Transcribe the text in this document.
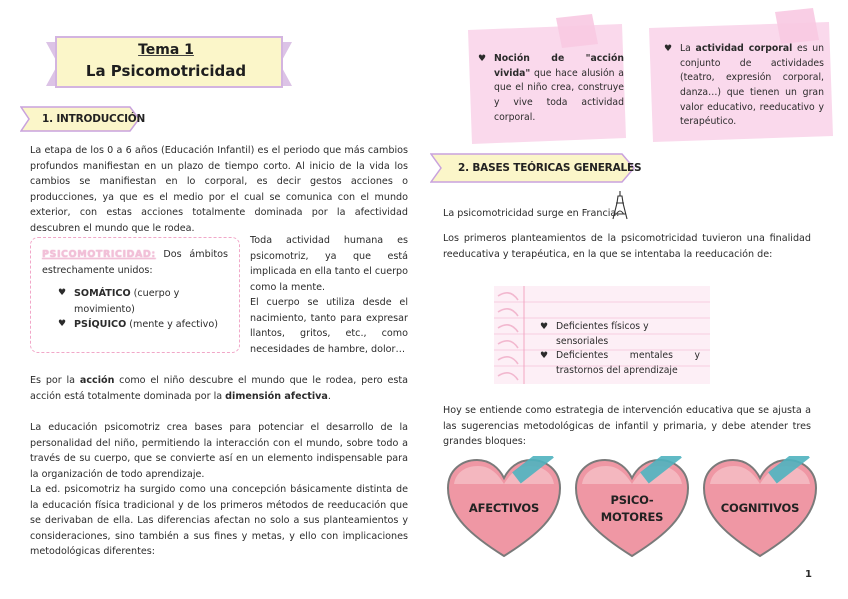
Tema 1
La Psicomotricidad
1. INTRODUCCIÓN
La etapa de los 0 a 6 años (Educación Infantil) es el periodo que más cambios profundos manifiestan en un plazo de tiempo corto. Al inicio de la vida los cambios se manifiestan en lo corporal, es decir gestos acciones o producciones, ya que es el medio por el cual se comunica con el mundo exterior, con estas acciones totalmente dominada por la afectividad descubren el mundo que le rodea.
PSICOMOTRICIDAD: Dos ámbitos estrechamente unidos:
♥ SOMÁTICO (cuerpo y movimiento)
♥ PSÍQUICO (mente y afectivo)
Toda actividad humana es psicomotriz, ya que está implicada en ella tanto el cuerpo como la mente.
El cuerpo se utiliza desde el nacimiento, tanto para expresar llantos, gritos, etc., como necesidades de hambre, dolor…
Es por la acción como el niño descubre el mundo que le rodea, pero esta acción está totalmente dominada por la dimensión afectiva.
La educación psicomotriz crea bases para potenciar el desarrollo de la personalidad del niño, permitiendo la interacción con el mundo, sobre todo a través de su cuerpo, que se convierte así en un elemento indispensable para la organización de todo aprendizaje.
La ed. psicomotriz ha surgido como una concepción básicamente distinta de la educación física tradicional y de los primeros métodos de reeducación que se derivaban de ella. Las diferencias afectan no solo a sus planteamientos y consideraciones, sino también a sus fines y metas, y ello con implicaciones metodológicas diferentes:
♥ Noción de "acción vivida" que hace alusión a que el niño crea, construye y vive toda actividad corporal.
♥ La actividad corporal es un conjunto de actividades (teatro, expresión corporal, danza…) que tienen un gran valor educativo, reeducativo y terapéutico.
2. BASES TEÓRICAS GENERALES
La psicomotricidad surge en Francia.
Los primeros planteamientos de la psicomotricidad tuvieron una finalidad reeducativa y terapéutica, en la que se intentaba la reeducación de:
♥ Deficientes físicos y sensoriales
♥ Deficientes mentales y trastornos del aprendizaje
Hoy se entiende como estrategia de intervención educativa que se ajusta a las sugerencias metodológicas de infantil y primaria, y debe atender tres grandes bloques:
AFECTIVOS
PSICO-
MOTORES
COGNITIVOS
1
